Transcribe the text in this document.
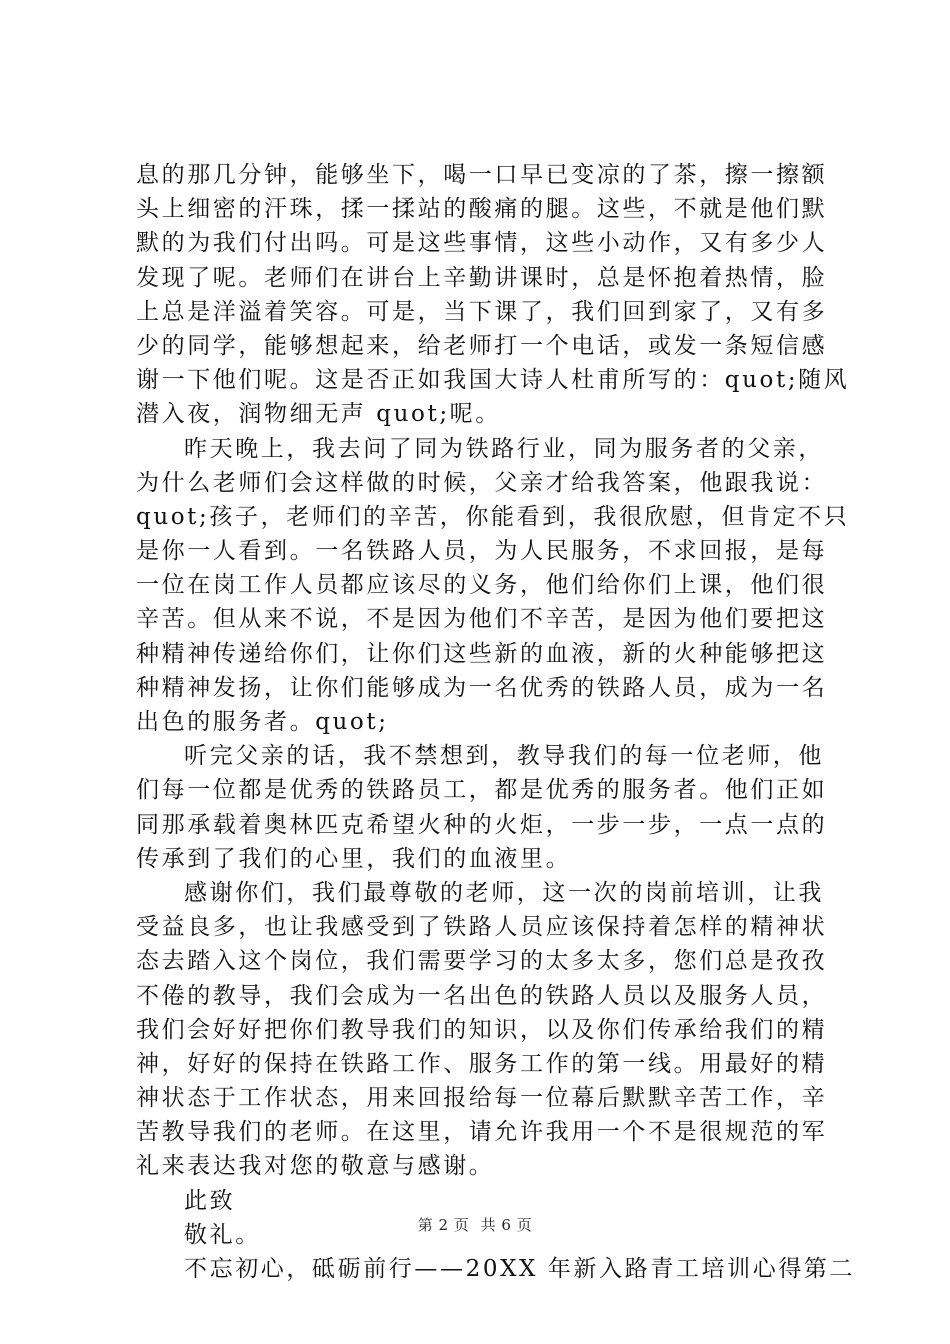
息的那几分钟，能够坐下，喝一口早已变凉的了茶，擦一擦额
头上细密的汗珠，揉一揉站的酸痛的腿。这些，不就是他们默
默的为我们付出吗。可是这些事情，这些小动作，又有多少人
发现了呢。老师们在讲台上辛勤讲课时，总是怀抱着热情，脸
上总是洋溢着笑容。可是，当下课了，我们回到家了，又有多
少的同学，能够想起来，给老师打一个电话，或发一条短信感
谢一下他们呢。这是否正如我国大诗人杜甫所写的：quot;随风
潜入夜，润物细无声 quot;呢。
昨天晚上，我去问了同为铁路行业，同为服务者的父亲，
为什么老师们会这样做的时候，父亲才给我答案，他跟我说：
quot;孩子，老师们的辛苦，你能看到，我很欣慰，但肯定不只
是你一人看到。一名铁路人员，为人民服务，不求回报，是每
一位在岗工作人员都应该尽的义务，他们给你们上课，他们很
辛苦。但从来不说，不是因为他们不辛苦，是因为他们要把这
种精神传递给你们，让你们这些新的血液，新的火种能够把这
种精神发扬，让你们能够成为一名优秀的铁路人员，成为一名
出色的服务者。quot;
听完父亲的话，我不禁想到，教导我们的每一位老师，他
们每一位都是优秀的铁路员工，都是优秀的服务者。他们正如
同那承载着奥林匹克希望火种的火炬，一步一步，一点一点的
传承到了我们的心里，我们的血液里。
感谢你们，我们最尊敬的老师，这一次的岗前培训，让我
受益良多，也让我感受到了铁路人员应该保持着怎样的精神状
态去踏入这个岗位，我们需要学习的太多太多，您们总是孜孜
不倦的教导，我们会成为一名出色的铁路人员以及服务人员，
我们会好好把你们教导我们的知识，以及你们传承给我们的精
神，好好的保持在铁路工作、服务工作的第一线。用最好的精
神状态于工作状态，用来回报给每一位幕后默默辛苦工作，辛
苦教导我们的老师。在这里，请允许我用一个不是很规范的军
礼来表达我对您的敬意与感谢。
此致
敬礼。
不忘初心，砥砺前行——20XX 年新入路青工培训心得第二
第 2 页 共 6 页
